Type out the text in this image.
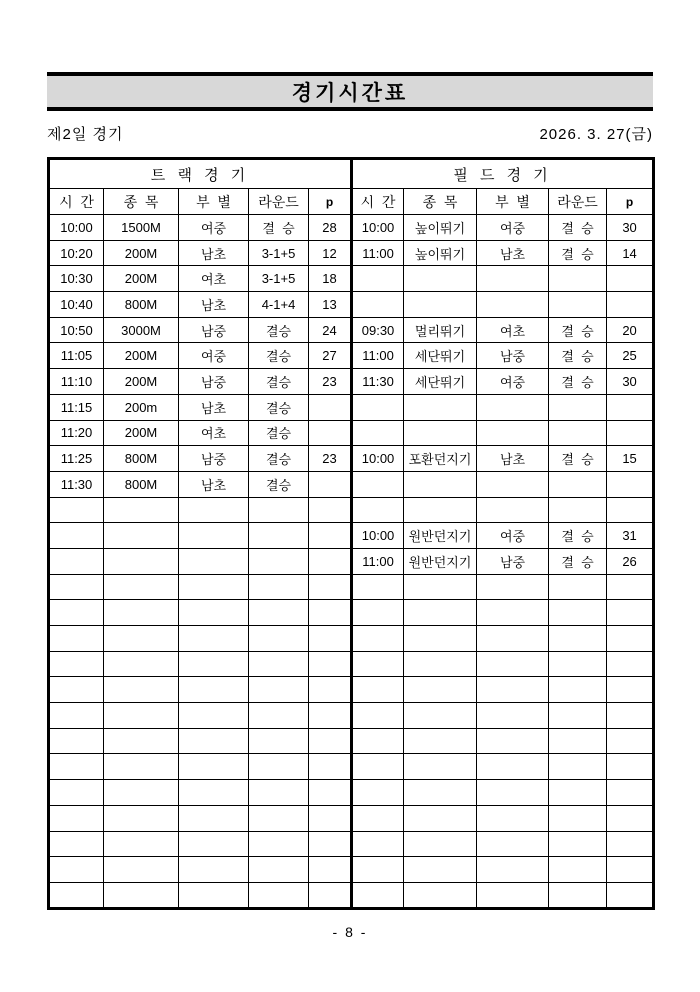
경기시간표
제2일 경기	2026. 3. 27(금)
트 랙 경 기					필 드 경 기				
시  간	종  목	부  별	라운드	p	시  간	종  목	부  별	라운드	p
10:00	1500M	여중	결  승	28	10:00	높이뛰기	여중	결  승	30
10:20	200M	남초	3-1+5	12	11:00	높이뛰기	남초	결  승	14
10:30	200M	여초	3-1+5	18					
10:40	800M	남초	4-1+4	13					
10:50	3000M	남중	결승	24	09:30	멀리뛰기	여초	결  승	20
11:05	200M	여중	결승	27	11:00	세단뛰기	남중	결  승	25
11:10	200M	남중	결승	23	11:30	세단뛰기	여중	결  승	30
11:15	200m	남초	결승						
11:20	200M	여초	결승						
11:25	800M	남중	결승	23	10:00	포환던지기	남초	결  승	15
11:30	800M	남초	결승						

					10:00	원반던지기	여중	결  승	31
					11:00	원반던지기	남중	결  승	26

- 8 -
